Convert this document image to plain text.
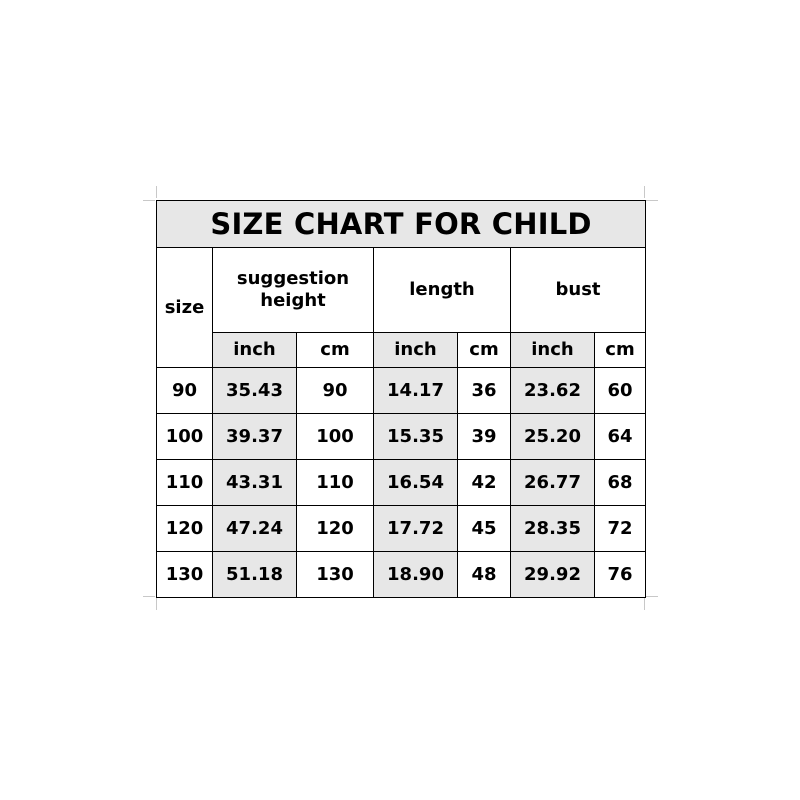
SIZE CHART FOR CHILD						
size	suggestion height		length		bust	
	inch	cm	inch	cm	inch	cm
90	35.43	90	14.17	36	23.62	60
100	39.37	100	15.35	39	25.20	64
110	43.31	110	16.54	42	26.77	68
120	47.24	120	17.72	45	28.35	72
130	51.18	130	18.90	48	29.92	76
